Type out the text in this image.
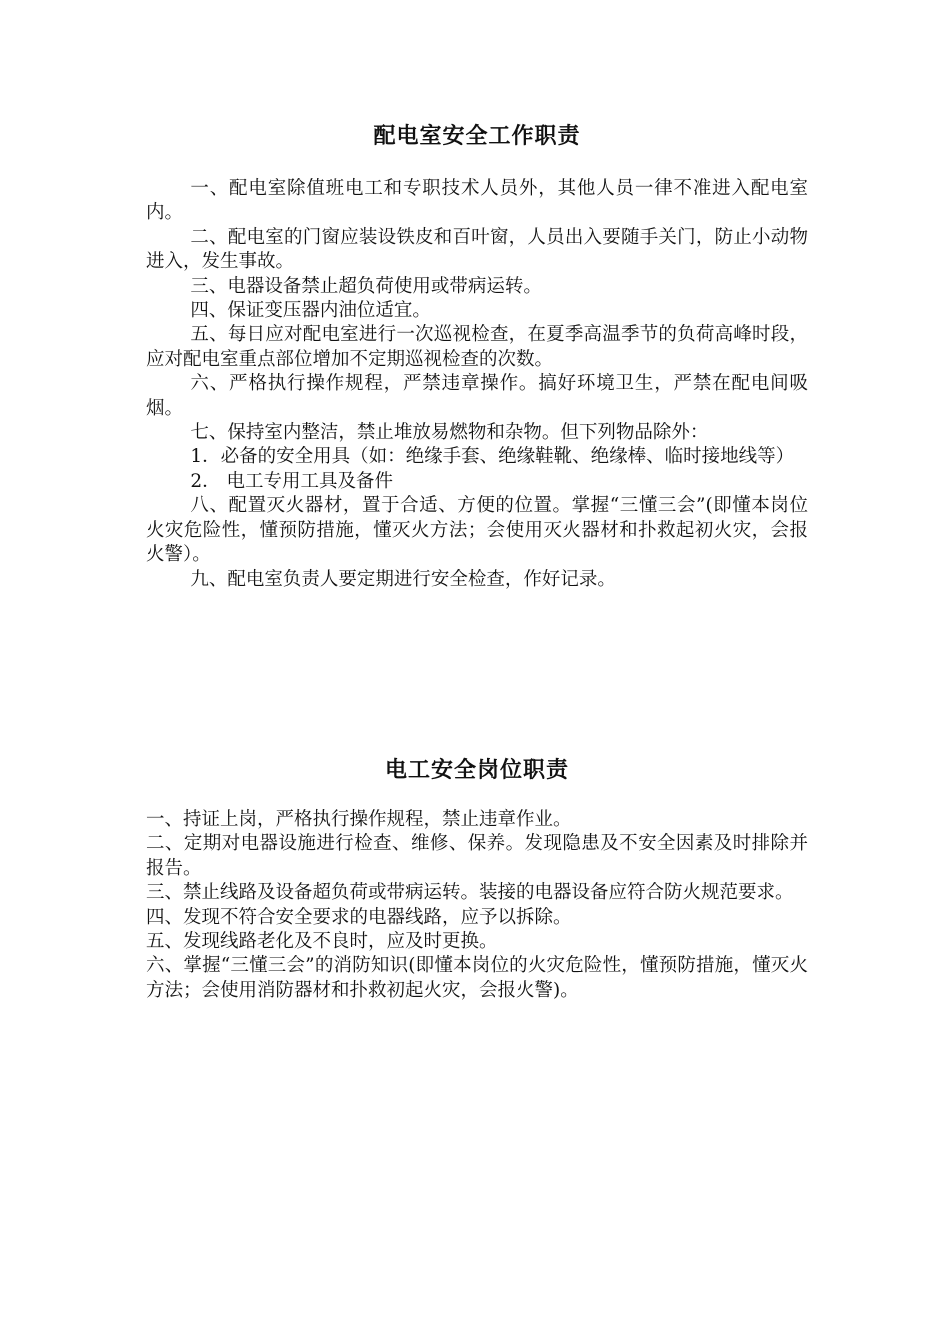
配电室安全工作职责

一、配电室除值班电工和专职技术人员外，其他人员一律不准进入配电室内。

二、配电室的门窗应装设铁皮和百叶窗，人员出入要随手关门，防止小动物进入，发生事故。

三、电器设备禁止超负荷使用或带病运转。

四、保证变压器内油位适宜。

五、每日应对配电室进行一次巡视检查，在夏季高温季节的负荷高峰时段，应对配电室重点部位增加不定期巡视检查的次数。

六、严格执行操作规程，严禁违章操作。搞好环境卫生，严禁在配电间吸烟。

七、保持室内整洁，禁止堆放易燃物和杂物。但下列物品除外：

1．必备的安全用具（如：绝缘手套、绝缘鞋靴、绝缘棒、临时接地线等）

2． 电工专用工具及备件

八、配置灭火器材，置于合适、方便的位置。掌握“三懂三会”(即懂本岗位火灾危险性，懂预防措施，懂灭火方法；会使用灭火器材和扑救起初火灾，会报火警）。

九、配电室负责人要定期进行安全检查，作好记录。

电工安全岗位职责

一、持证上岗，严格执行操作规程，禁止违章作业。

二、定期对电器设施进行检查、维修、保养。发现隐患及不安全因素及时排除并报告。

三、禁止线路及设备超负荷或带病运转。装接的电器设备应符合防火规范要求。

四、发现不符合安全要求的电器线路，应予以拆除。

五、发现线路老化及不良时，应及时更换。

六、掌握“三懂三会”的消防知识(即懂本岗位的火灾危险性，懂预防措施，懂灭火方法；会使用消防器材和扑救初起火灾，会报火警)。
